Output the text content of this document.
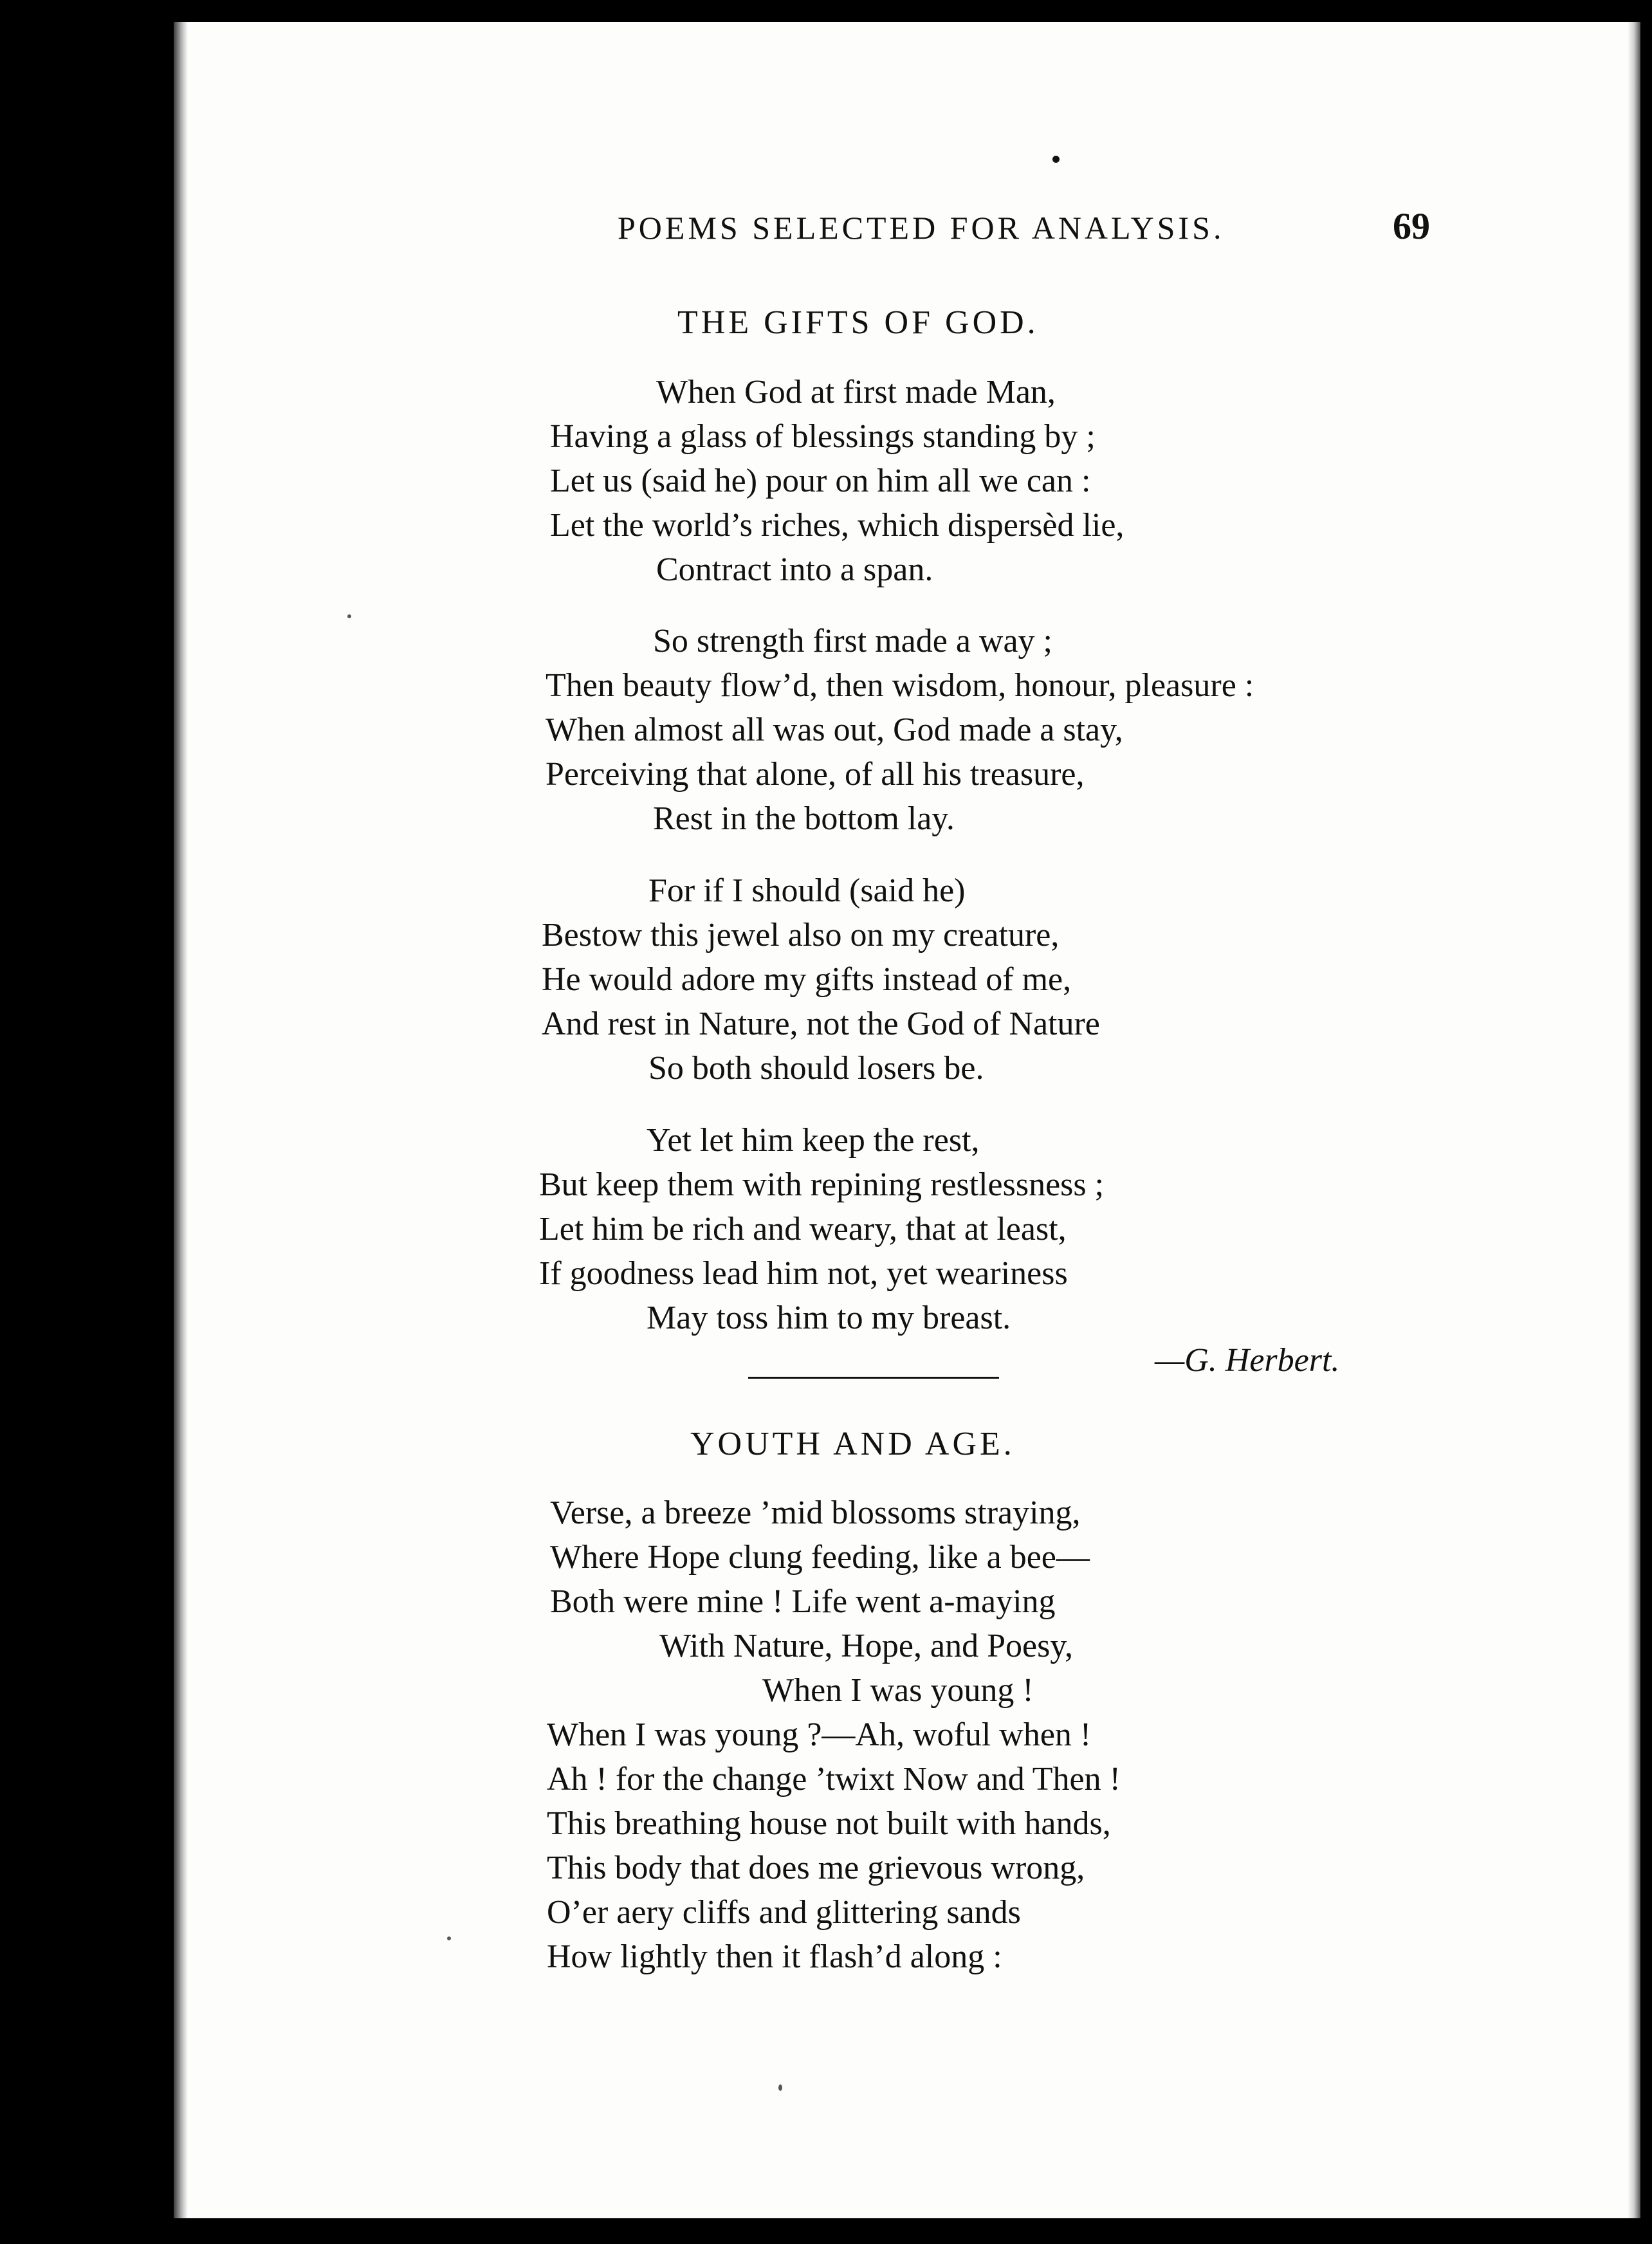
POEMS SELECTED FOR ANALYSIS.	69
THE GIFTS OF GOD.
When God at first made Man,
Having a glass of blessings standing by ;
Let us (said he) pour on him all we can :
Let the world’s riches, which dispersèd lie,
Contract into a span.
So strength first made a way ;
Then beauty flow’d, then wisdom, honour, pleasure :
When almost all was out, God made a stay,
Perceiving that alone, of all his treasure,
Rest in the bottom lay.
For if I should (said he)
Bestow this jewel also on my creature,
He would adore my gifts instead of me,
And rest in Nature, not the God of Nature
So both should losers be.
Yet let him keep the rest,
But keep them with repining restlessness ;
Let him be rich and weary, that at least,
If goodness lead him not, yet weariness
May toss him to my breast.
—G. Herbert.
YOUTH AND AGE.
Verse, a breeze ’mid blossoms straying,
Where Hope clung feeding, like a bee—
Both were mine ! Life went a-maying
With Nature, Hope, and Poesy,
When I was young !
When I was young ?—Ah, woful when !
Ah ! for the change ’twixt Now and Then !
This breathing house not built with hands,
This body that does me grievous wrong,
O’er aery cliffs and glittering sands
How lightly then it flash’d along :
